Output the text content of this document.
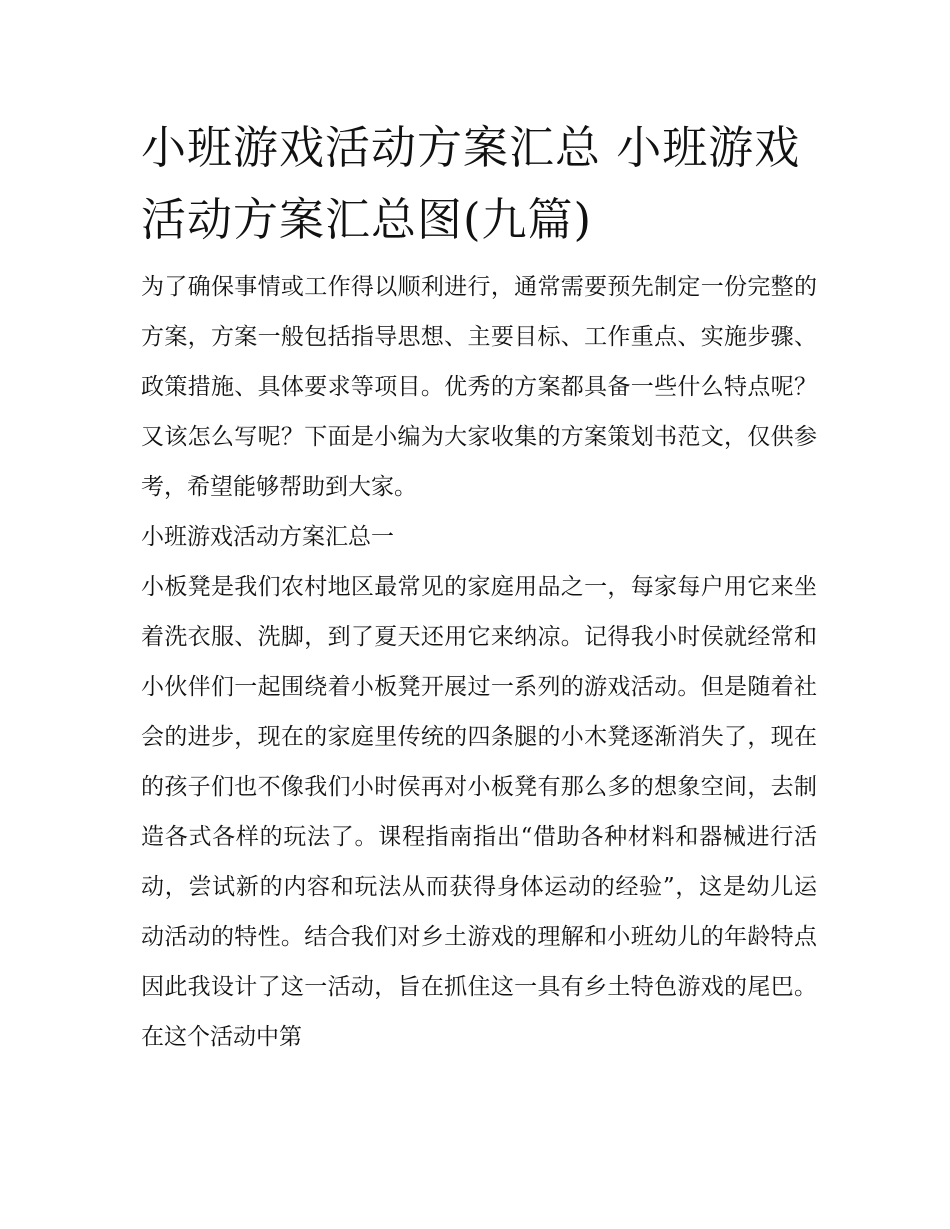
小班游戏活动方案汇总 小班游戏活动方案汇总图(九篇)

为了确保事情或工作得以顺利进行，通常需要预先制定一份完整的方案，方案一般包括指导思想、主要目标、工作重点、实施步骤、政策措施、具体要求等项目。优秀的方案都具备一些什么特点呢？又该怎么写呢？下面是小编为大家收集的方案策划书范文，仅供参考，希望能够帮助到大家。

小班游戏活动方案汇总一

小板凳是我们农村地区最常见的家庭用品之一，每家每户用它来坐着洗衣服、洗脚，到了夏天还用它来纳凉。记得我小时侯就经常和小伙伴们一起围绕着小板凳开展过一系列的游戏活动。但是随着社会的进步，现在的家庭里传统的四条腿的小木凳逐渐消失了，现在的孩子们也不像我们小时侯再对小板凳有那么多的想象空间，去制造各式各样的玩法了。课程指南指出“借助各种材料和器械进行活动，尝试新的内容和玩法从而获得身体运动的经验”，这是幼儿运动活动的特性。结合我们对乡土游戏的理解和小班幼儿的年龄特点因此我设计了这一活动，旨在抓住这一具有乡土特色游戏的尾巴。在这个活动中第
